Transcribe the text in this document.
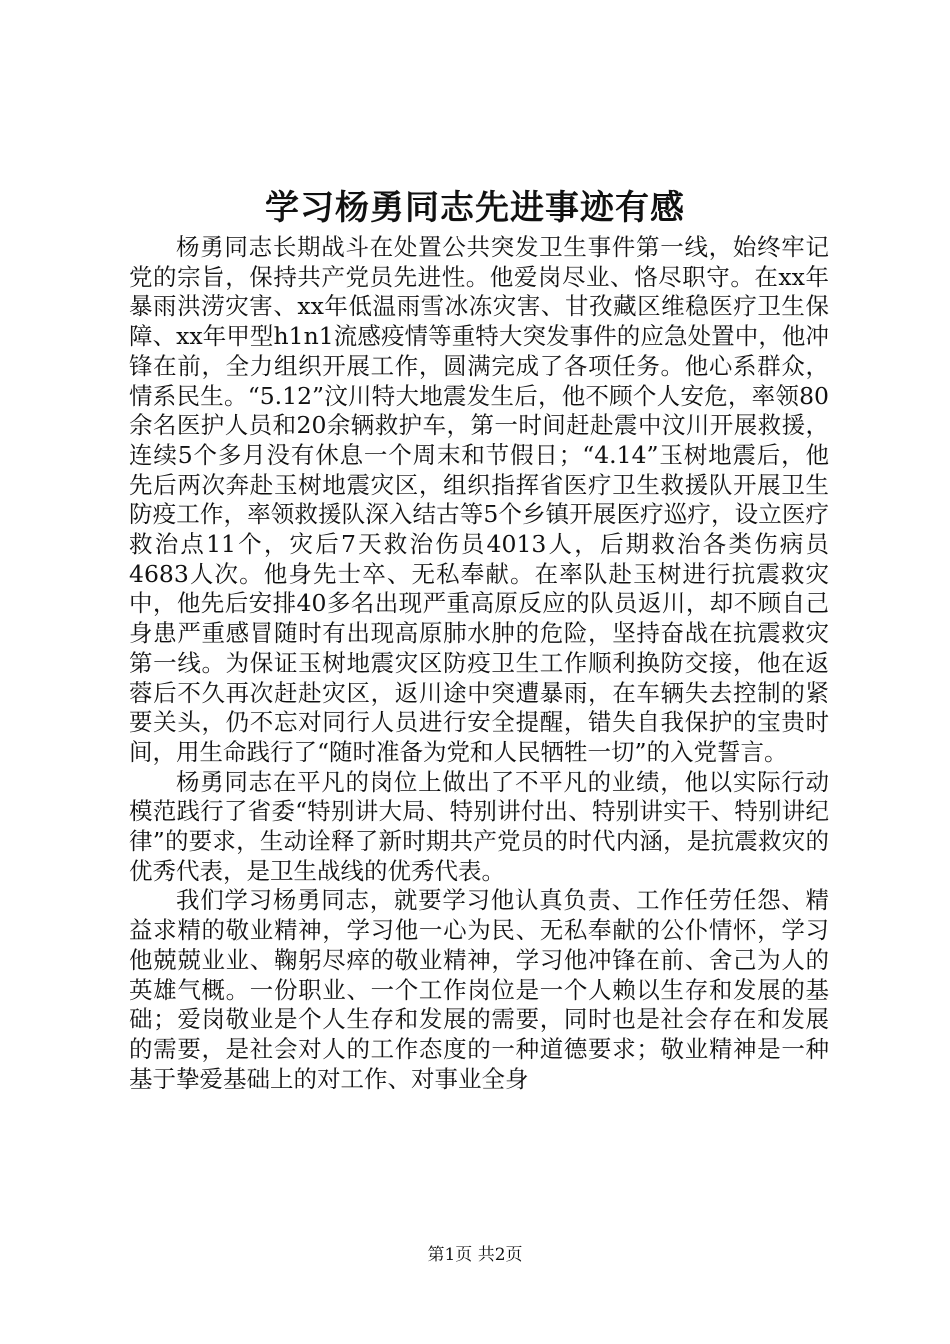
学习杨勇同志先进事迹有感

杨勇同志长期战斗在处置公共突发卫生事件第一线，始终牢记党的宗旨，保持共产党员先进性。他爱岗尽业、恪尽职守。在xx年暴雨洪涝灾害、xx年低温雨雪冰冻灾害、甘孜藏区维稳医疗卫生保障、xx年甲型h1n1流感疫情等重特大突发事件的应急处置中，他冲锋在前，全力组织开展工作，圆满完成了各项任务。他心系群众，情系民生。“5.12”汶川特大地震发生后，他不顾个人安危，率领80余名医护人员和20余辆救护车，第一时间赶赴震中汶川开展救援，连续5个多月没有休息一个周末和节假日；“4.14”玉树地震后，他先后两次奔赴玉树地震灾区，组织指挥省医疗卫生救援队开展卫生防疫工作，率领救援队深入结古等5个乡镇开展医疗巡疗，设立医疗救治点11个，灾后7天救治伤员4013人，后期救治各类伤病员4683人次。他身先士卒、无私奉献。在率队赴玉树进行抗震救灾中，他先后安排40多名出现严重高原反应的队员返川，却不顾自己身患严重感冒随时有出现高原肺水肿的危险，坚持奋战在抗震救灾第一线。为保证玉树地震灾区防疫卫生工作顺利换防交接，他在返蓉后不久再次赶赴灾区，返川途中突遭暴雨，在车辆失去控制的紧要关头，仍不忘对同行人员进行安全提醒，错失自我保护的宝贵时间，用生命践行了“随时准备为党和人民牺牲一切”的入党誓言。

杨勇同志在平凡的岗位上做出了不平凡的业绩，他以实际行动模范践行了省委“特别讲大局、特别讲付出、特别讲实干、特别讲纪律”的要求，生动诠释了新时期共产党员的时代内涵，是抗震救灾的优秀代表，是卫生战线的优秀代表。

我们学习杨勇同志，就要学习他认真负责、工作任劳任怨、精益求精的敬业精神，学习他一心为民、无私奉献的公仆情怀，学习他兢兢业业、鞠躬尽瘁的敬业精神，学习他冲锋在前、舍己为人的英雄气概。一份职业、一个工作岗位是一个人赖以生存和发展的基础；爱岗敬业是个人生存和发展的需要，同时也是社会存在和发展的需要，是社会对人的工作态度的一种道德要求；敬业精神是一种基于挚爱基础上的对工作、对事业全身

第1页 共2页
